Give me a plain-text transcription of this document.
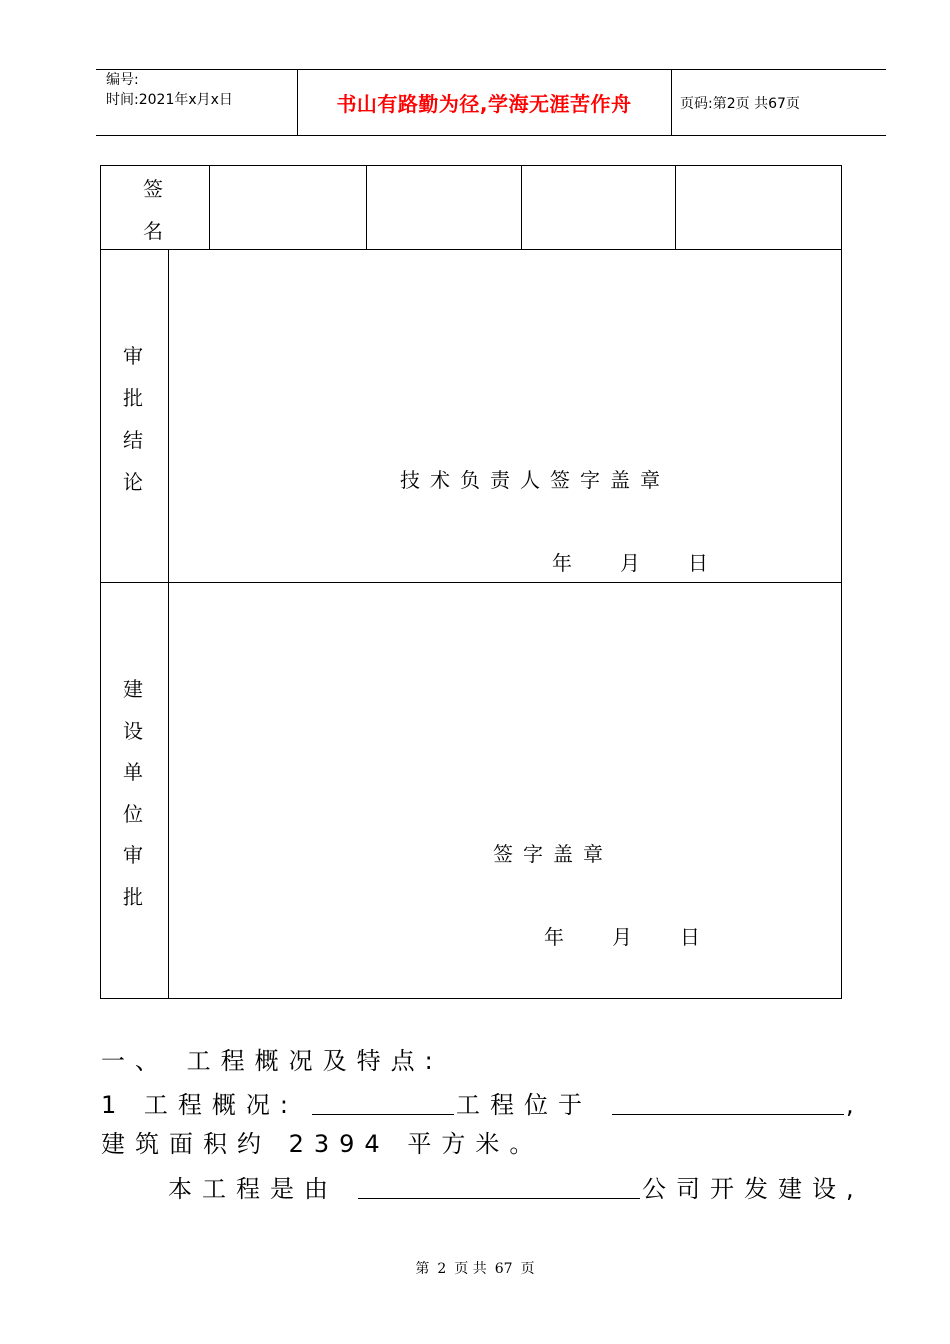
编号:
时间:2021年x月x日	书山有路勤为径,学海无涯苦作舟	页码:第2页 共67页
签
名
审
批
结
论	技术负责人签字盖章
年 月 日
建
设
单
位
审
批
签字盖章
年 月 日
一、 工程概况及特点:
1 工程概况:	工程位于	,
建筑面积约 2394 平方米。
本工程是由	公司开发建设,
第 2 页 共 67 页
